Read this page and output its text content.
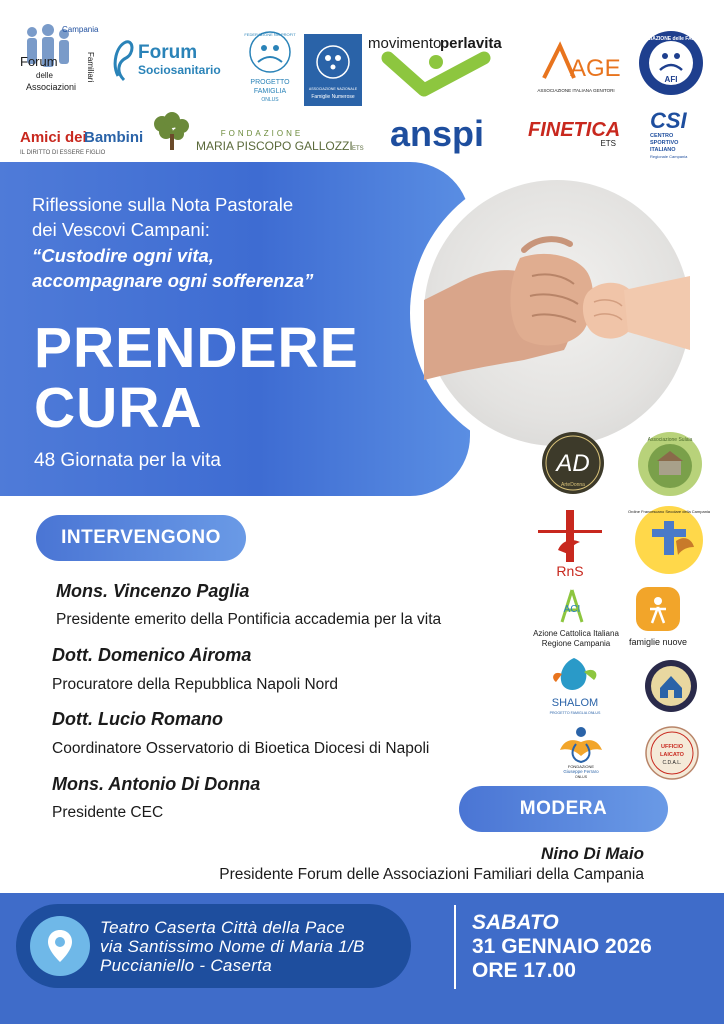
Campania
Forum	Familiari
delle
Associazioni
Forum
Sociosanitario
FEDERAZIONE NO PROFIT
PROGETTO
FAMIGLIA
ONLUS
ASSOCIAZIONE NAZIONALE
Famiglie Numerose
movimento
perlavita
AGE
ASSOCIAZIONE ITALIANA GENITORI
ASSOCIAZIONE delle FAMIGLIE
AFI
Amici dei
Bambini
IL DIRITTO DI ESSERE FIGLIO
FONDAZIONE
MARIA PISCOPO GALLOZZI ETS anspi FINETICA
ETS
CSI
CENTRO
SPORTIVO
ITALIANO
Regionale Campania
Riflessione sulla Nota Pastorale
dei Vescovi Campani:
“Custodire ogni vita,
accompagnare ogni sofferenza”
PRENDERE
CURA
48 Giornata per la vita
INTERVENGONO
Mons. Vincenzo Paglia
Presidente emerito della Pontificia accademia per la vita
Dott. Domenico Airoma
Procuratore della Repubblica Napoli Nord
Dott. Lucio Romano
Coordinatore Osservatorio di Bioetica Diocesi di Napoli
Mons. Antonio Di Donna
Presidente CEC
AD
ArteDonna
Associazione Sulaia
RnS
Ordine Francescano Secolare della Campania
ACI
Azione Cattolica Italiana
Regione Campania famiglie nuove
SHALOM
PROGETTO FAMIGLIA ONLUS
FONDAZIONE
Giuseppe Ferraro
ONLUS
UFFICIO
LAICATO
C.D.A.L.
MODERA
Nino Di Maio
Presidente Forum delle Associazioni Familiari della Campania
Teatro Caserta Città della Pace
via Santissimo Nome di Maria 1/B
Puccianiello - Caserta
SABATO
31 GENNAIO 2026
ORE 17.00
